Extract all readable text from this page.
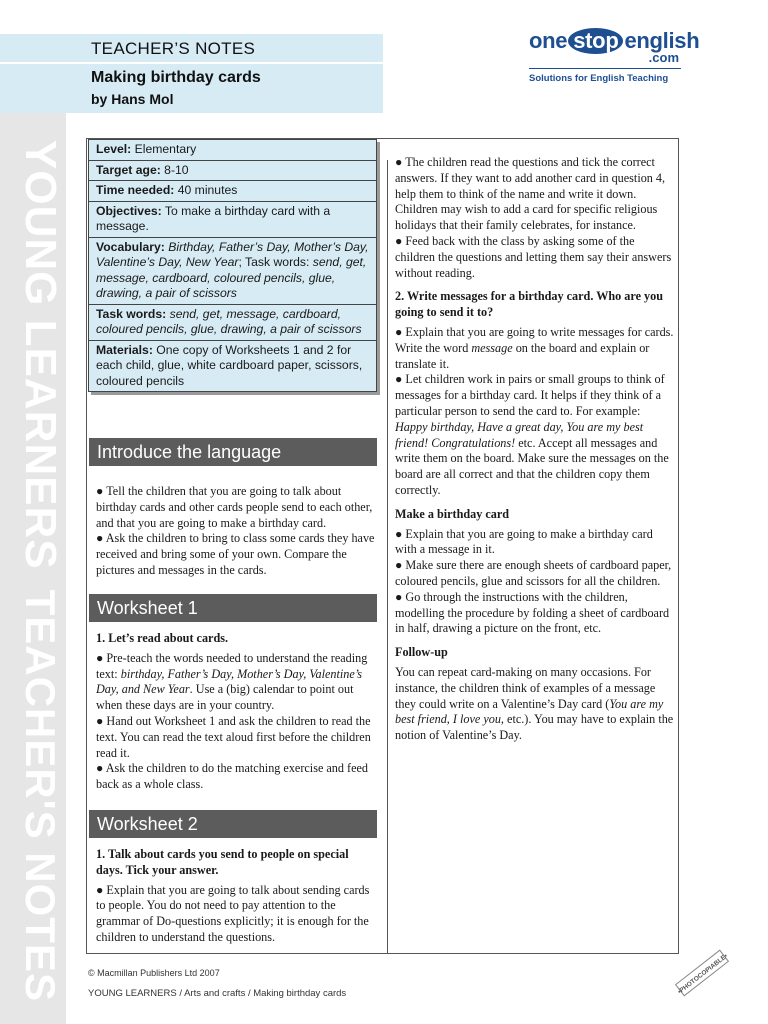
YOUNG LEARNERSTEACHER'S NOTES
TEACHER’S NOTES
Making birthday cards
by Hans Mol
one stop english
.com
Solutions for English Teaching
Level: Elementary
Target age: 8-10
Time needed: 40 minutes
Objectives: To make a birthday card with a message.
Vocabulary: Birthday, Father’s Day, Mother’s Day, Valentine’s Day, New Year; Task words: send, get, message, cardboard, coloured pencils, glue, drawing, a pair of scissors
Task words: send, get, message, cardboard, coloured pencils, glue, drawing, a pair of scissors
Materials: One copy of Worksheets 1 and 2 for each child, glue, white cardboard paper, scissors, coloured pencils
Introduce the language

● Tell the children that you are going to talk about birthday cards and other cards people send to each other, and that you are going to make a birthday card.

● Ask the children to bring to class some cards they have received and bring some of your own. Compare the pictures and messages in the cards.

Worksheet 1

1. Let’s read about cards.

● Pre-teach the words needed to understand the reading text: birthday, Father’s Day, Mother’s Day, Valentine’s Day, and New Year. Use a (big) calendar to point out when these days are in your country.

● Hand out Worksheet 1 and ask the children to read the text. You can read the text aloud first before the children read it.

● Ask the children to do the matching exercise and feed back as a whole class.

Worksheet 2

1. Talk about cards you send to people on special days. Tick your answer.

● Explain that you are going to talk about sending cards to people. You do not need to pay attention to the grammar of Do-questions explicitly; it is enough for the children to understand the questions.

● The children read the questions and tick the correct answers. If they want to add another card in question 4, help them to think of the name and write it down. Children may wish to add a card for specific religious holidays that their family celebrates, for instance.

● Feed back with the class by asking some of the children the questions and letting them say their answers without reading.

2. Write messages for a birthday card. Who are you going to send it to?

● Explain that you are going to write messages for cards. Write the word message on the board and explain or translate it.

● Let children work in pairs or small groups to think of messages for a birthday card. It helps if they think of a particular person to send the card to. For example: Happy birthday, Have a great day, You are my best friend! Congratulations! etc. Accept all messages and write them on the board. Make sure the messages on the board are all correct and that the children copy them correctly.

Make a birthday card

● Explain that you are going to make a birthday card with a message in it.

● Make sure there are enough sheets of cardboard paper, coloured pencils, glue and scissors for all the children.

● Go through the instructions with the children, modelling the procedure by folding a sheet of cardboard in half, drawing a picture on the front, etc.

Follow-up

You can repeat card-making on many occasions. For instance, the children think of examples of a message they could write on a Valentine’s Day card (You are my best friend, I love you, etc.). You may have to explain the notion of Valentine’s Day.

© Macmillan Publishers Ltd 2007
YOUNG LEARNERS / Arts and crafts / Making birthday cards	•PHOTOCOPIABLE•
